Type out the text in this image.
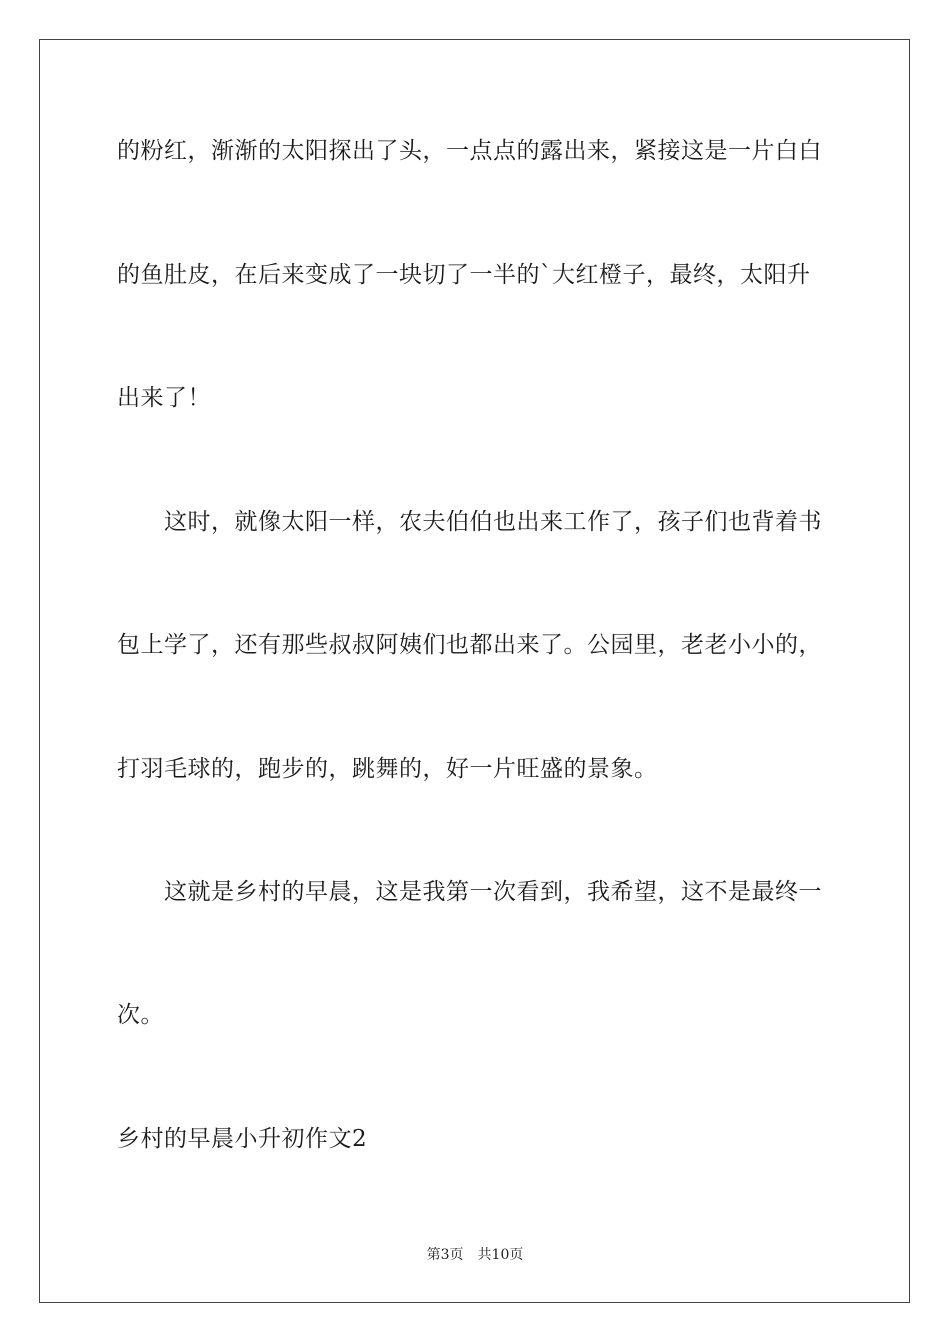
的粉红，渐渐的太阳探出了头，一点点的露出来，紧接这是一片白白
的鱼肚皮，在后来变成了一块切了一半的`大红橙子，最终，太阳升
出来了！
这时，就像太阳一样，农夫伯伯也出来工作了，孩子们也背着书
包上学了，还有那些叔叔阿姨们也都出来了。公园里，老老小小的，
打羽毛球的，跑步的，跳舞的，好一片旺盛的景象。
这就是乡村的早晨，这是我第一次看到，我希望，这不是最终一
次。
乡村的早晨小升初作文2
第3页 共10页
